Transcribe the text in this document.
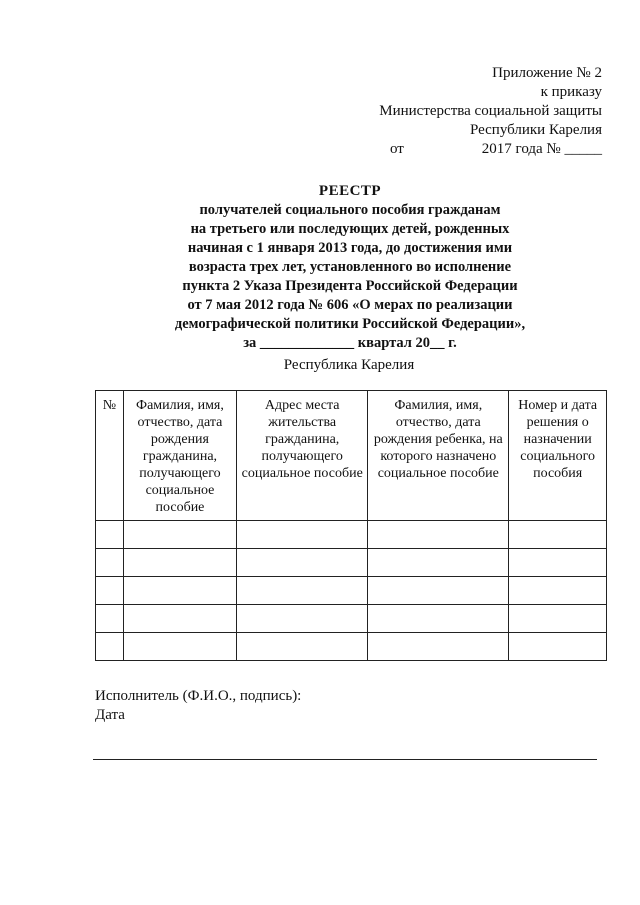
Приложение № 2
к приказу
Министерства социальной защиты
Республики Карелия
от	2017 года № _____
РЕЕСТР
получателей социального пособия гражданам
на третьего или последующих детей, рожденных
начиная с 1 января 2013 года, до достижения ими
возраста трех лет, установленного во исполнение
пункта 2 Указа Президента Российской Федерации
от 7 мая 2012 года № 606 «О мерах по реализации
демографической политики Российской Федерации»,
за _____________ квартал 20__ г.
Республика Карелия
№	Фамилия, имя, отчество, дата рождения гражданина, получающего социальное пособие	Адрес места жительства гражданина, получающего социальное пособие	Фамилия, имя, отчество, дата рождения ребенка, на которого назначено социальное пособие	Номер и дата решения о назначении социального пособия

Исполнитель (Ф.И.О., подпись):
Дата
